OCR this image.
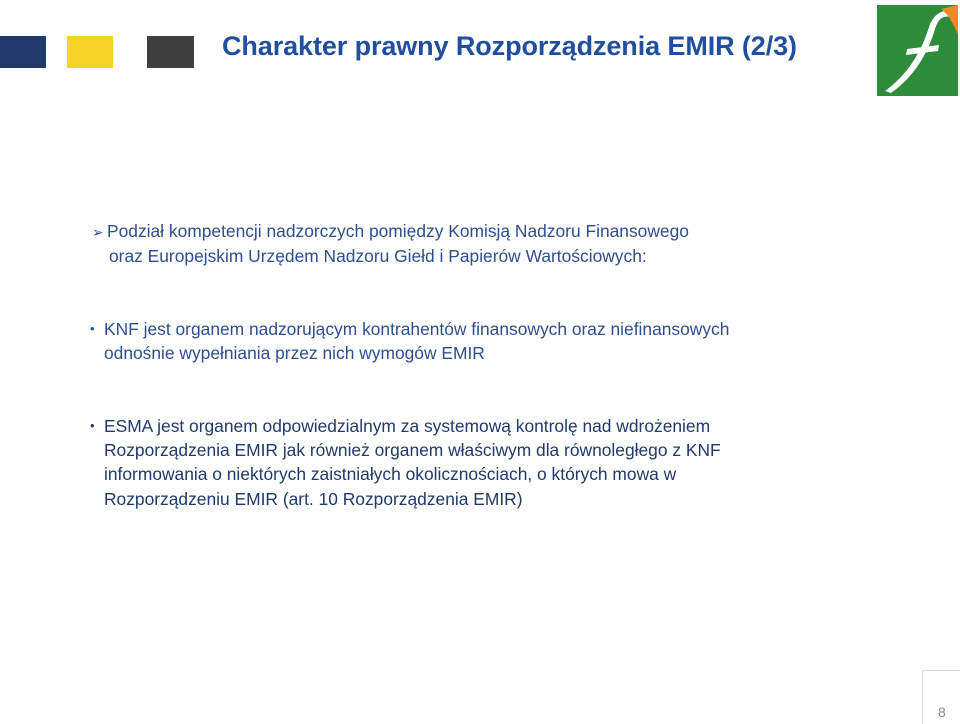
Charakter prawny Rozporządzenia EMIR (2/3)
➢ Podział kompetencji nadzorczych pomiędzy Komisją Nadzoru Finansowego
oraz Europejskim Urzędem Nadzoru Giełd i Papierów Wartościowych:
• KNF jest organem nadzorującym kontrahentów finansowych oraz niefinansowych
odnośnie wypełniania przez nich wymogów EMIR
• ESMA jest organem odpowiedzialnym za systemową kontrolę nad wdrożeniem
Rozporządzenia EMIR jak również organem właściwym dla równoległego z KNF
informowania o niektórych zaistniałych okolicznościach, o których mowa w
Rozporządzeniu EMIR (art. 10 Rozporządzenia EMIR)
8
